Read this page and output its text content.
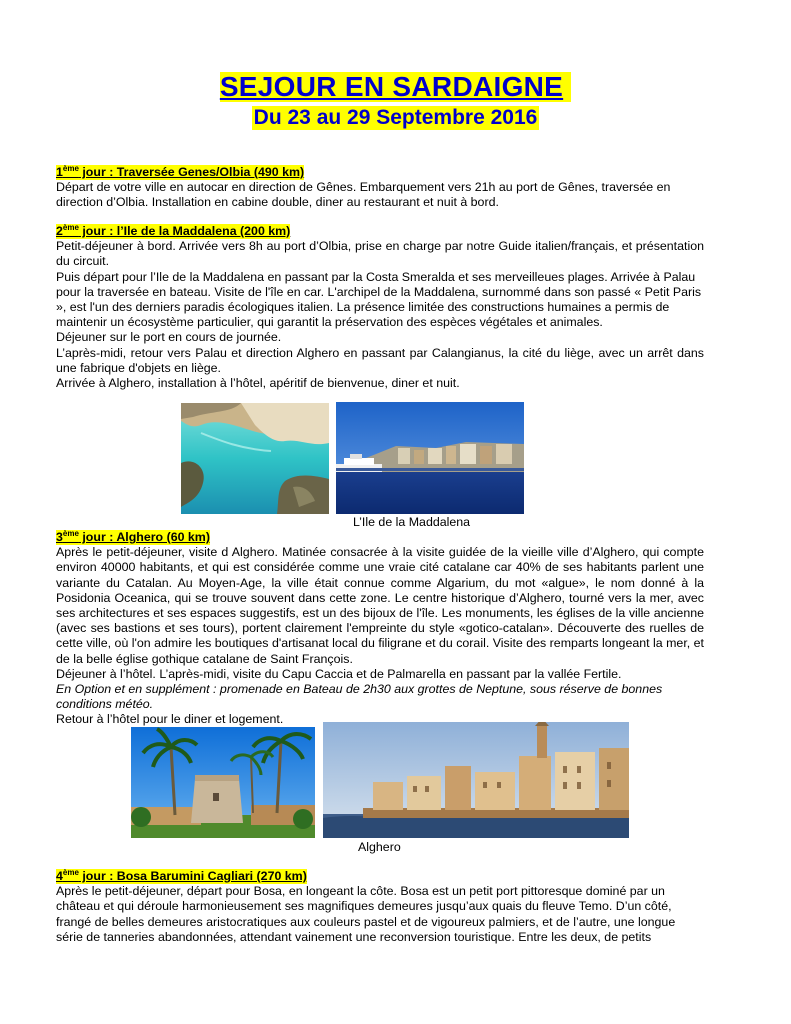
SEJOUR EN SARDAIGNE
Du 23 au 29 Septembre 2016
1ème jour : Traversée Genes/Olbia (490 km)
Départ de votre ville en autocar en direction de Gênes. Embarquement vers 21h au port de Gênes, traversée en direction d’Olbia. Installation en cabine double, diner au restaurant et nuit à bord.
2ème jour : l’Ile de la Maddalena (200 km)
Petit-déjeuner à bord. Arrivée vers 8h au port d’Olbia, prise en charge par notre Guide italien/français, et présentation du circuit.
Puis départ pour l’Ile de la Maddalena en passant par la Costa Smeralda et ses merveilleues plages. Arrivée à Palau pour la traversée en bateau. Visite de l'île en car. L'archipel de la Maddalena, surnommé dans son passé « Petit Paris », est l'un des derniers paradis écologiques italien. La présence limitée des constructions humaines a permis de maintenir un écosystème particulier, qui garantit la préservation des espèces végétales et animales.
Déjeuner sur le port en cours de journée.
L’après-midi, retour vers Palau et direction Alghero en passant par Calangianus, la cité du liège, avec un arrêt dans une fabrique d'objets en liège.
Arrivée à Alghero, installation à l’hôtel, apéritif de bienvenue, diner et nuit.
L’Ile de la Maddalena
3ème jour : Alghero (60 km)
Après le petit-déjeuner, visite d Alghero. Matinée consacrée à la visite guidée de la vieille ville d’Alghero, qui compte environ 40000 habitants, et qui est considérée comme une vraie cité catalane car 40% de ses habitants parlent une variante du Catalan. Au Moyen-Age, la ville était connue comme Algarium, du mot «algue», le nom donné à la Posidonia Oceanica, qui se trouve souvent dans cette zone. Le centre historique d’Alghero, tourné vers la mer, avec ses architectures et ses espaces suggestifs, est un des bijoux de l'île. Les monuments, les églises de la ville ancienne (avec ses bastions et ses tours), portent clairement l'empreinte du style «gotico-catalan». Découverte des ruelles de cette ville, où l'on admire les boutiques d'artisanat local du filigrane et du corail. Visite des remparts longeant la mer, et de la belle église gothique catalane de Saint François.
Déjeuner à l’hôtel. L’après-midi, visite du Capu Caccia et de Palmarella en passant par la vallée Fertile.
En Option et en supplément : promenade en Bateau de 2h30 aux grottes de Neptune, sous réserve de bonnes conditions météo.
Retour à l’hôtel pour le diner et logement.
Alghero
4ème jour : Bosa Barumini Cagliari (270 km)
Après le petit-déjeuner, départ pour Bosa, en longeant la côte. Bosa est un petit port pittoresque dominé par un château et qui déroule harmonieusement ses magnifiques demeures jusqu’aux quais du fleuve Temo. D’un côté, frangé de belles demeures aristocratiques aux couleurs pastel et de vigoureux palmiers, et de l’autre, une longue série de tanneries abandonnées, attendant vainement une reconversion touristique. Entre les deux, de petits
